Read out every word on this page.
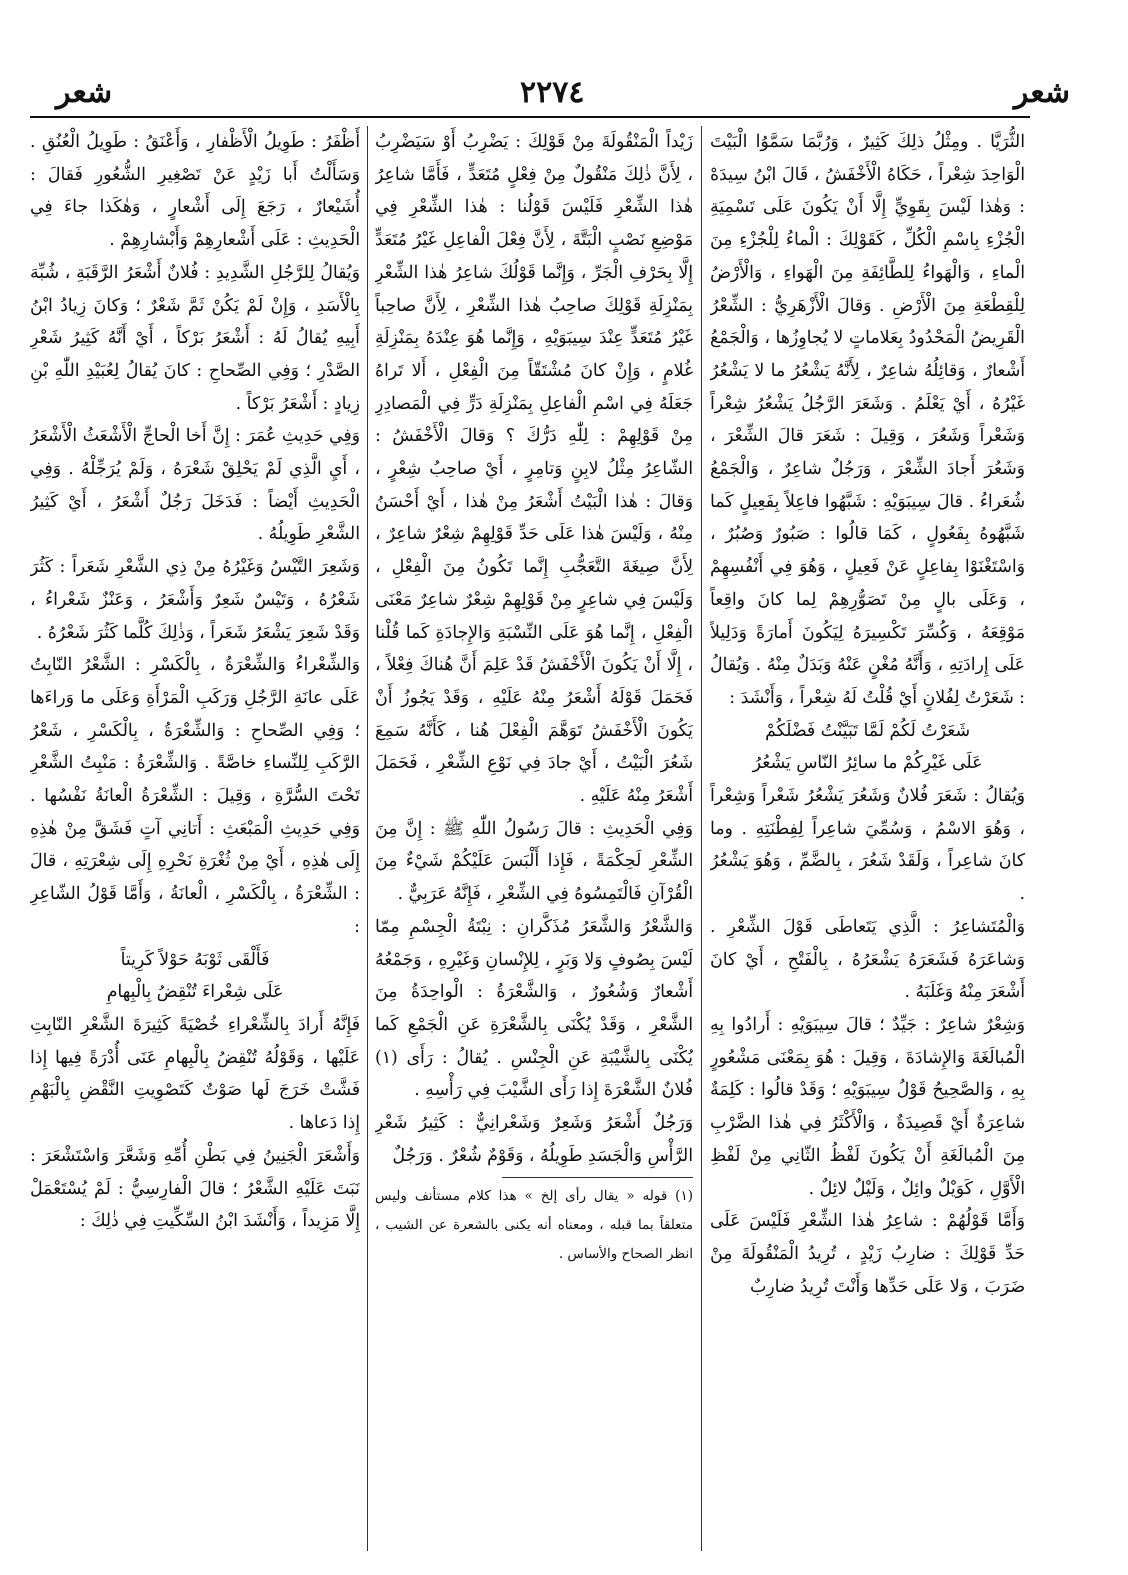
شعر
٢٢٧٤
شعر

الثُّرَيَّا . ومِثْلُ ذلِكَ كَثِيرٌ ، وَرُبَّمَا سَمَّوُا الْبَيْتَ الْوَاحِدَ شِعْراً ، حَكَاهُ الْأَخْفَشُ ، قَالَ ابْنُ سِيدَهْ : وَهٰذا لَيْسَ بِقَوِيٍّ إِلَّا أَنْ يَكُونَ عَلَى تَسْمِيَةِ الْجُزْءِ بِاسْمِ الْكُلِّ ، كَقَوْلِكَ : الْماءُ لِلْجُزْءِ مِنَ الْماءِ ، وَالْهَواءُ لِلطَّائِفَةِ مِنَ الْهَواءِ ، وَالْأَرْضُ لِلْقِطْعَةِ مِنَ الْأَرْضِ . وَقالَ الْأَزْهَرِيُّ : الشِّعْرُ الْقَرِيضُ الْمَحْدُودُ بِعَلاماتٍ لا يُجاوِزُها ، وَالْجَمْعُ أَشْعارٌ ، وَقائِلُهُ شاعِرٌ ، لِأَنَّهُ يَشْعُرُ ما لا يَشْعُرُ غَيْرُهُ ، أَيْ يَعْلَمُ . وَشَعَرَ الرَّجُلُ يَشْعُرُ شِعْراً وَشَعْراً وَشَعُرَ ، وَقِيلَ : شَعَرَ قالَ الشِّعْرَ ، وَشَعُرَ أَجادَ الشِّعْرَ ، وَرَجُلٌ شاعِرٌ ، وَالْجَمْعُ شُعَراءُ . قالَ سِيبَوَيْهِ : شَبَّهُوا فاعِلاً بِفَعِيلٍ كَما شَبَّهُوهُ بِفَعُولٍ ، كَمَا قالُوا : صَبُورٌ وَصُبُرٌ ، وَاسْتَغْنَوْا بِفاعِلٍ عَنْ فَعِيلٍ ، وَهُوَ فِي أَنْفُسِهِمْ ، وَعَلَى بالٍ مِنْ تَصَوُّرِهِمْ لِما كانَ واقِعاً مَوْقِعَهُ ، وَكُسِّرَ تَكْسِيرَهُ لِيَكُونَ أَمارَةً وَدَلِيلاً عَلَى إِرادَتِهِ ، وَأَنَّهُ مُغْنٍ عَنْهُ وَبَدَلٌ مِنْهُ . وَيُقالُ : شَعَرْتُ لِفُلانٍ أَيْ قُلْتُ لَهُ شِعْراً ، وَأَنْشَدَ :

شَعَرْتُ لَكُمْ لَمَّا تَبَيَّنْتُ فَضْلَكُمْ

عَلَى غَيْرِكُمْ ما سائِرُ النّاسِ يَشْعُرُ

وَيُقالُ : شَعَرَ فُلانٌ وَشَعُرَ يَشْعُرُ شَعْراً وَشِعْراً ، وَهُوَ الاسْمُ ، وَسُمِّيَ شاعِراً لِفِطْنَتِهِ . وما كانَ شاعِراً ، وَلَقَدْ شَعُرَ ، بِالضَّمِّ ، وَهُوَ يَشْعُرُ .

وَالْمُتَشاعِرُ : الَّذِي يَتَعاطَى قَوْلَ الشِّعْرِ . وَشاعَرَهُ فَشَعَرَهُ يَشْعَرُهُ ، بِالْفَتْحِ ، أَيْ كانَ أَشْعَرَ مِنْهُ وَغَلَبَهُ .

وَشِعْرٌ شاعِرٌ : جَيِّدٌ ؛ قالَ سِيبَوَيْهِ : أَرادُوا بِهِ الْمُبالَغَةَ وَالإِشادَةَ ، وَقِيلَ : هُوَ بِمَعْنَى مَشْعُورٍ بِهِ ، وَالصَّحِيحُ قَوْلُ سِيبَوَيْهِ ؛ وَقَدْ قالُوا : كَلِمَةٌ شاعِرَةٌ أَيْ قَصِيدَةٌ ، وَالْأَكْثَرُ فِي هٰذا الضَّرْبِ مِنَ الْمُبالَغَةِ أَنْ يَكُونَ لَفْظُ الثّانِي مِنْ لَفْظِ الْأَوَّلِ ، كَوَيْلٌ وائِلٌ ، وَلَيْلٌ لائِلٌ .

وَأَمَّا قَوْلُهُمْ : شاعِرُ هٰذا الشِّعْرِ فَلَيْسَ عَلَى حَدِّ قَوْلِكَ : ضارِبُ زَيْدٍ ، تُرِيدُ الْمَنْقُولَةَ مِنْ ضَرَبَ ، وَلا عَلَى حَدِّها وَأَنْتَ تُرِيدُ ضارِبٌ

زَيْداً الْمَنْقُولَةَ مِنْ قَوْلِكَ : يَضْرِبُ أَوْ سَيَضْرِبُ ، لِأَنَّ ذٰلِكَ مَنْقُولٌ مِنْ فِعْلٍ مُتَعَدٍّ ، فَأَمَّا شاعِرُ هٰذا الشِّعْرِ فَلَيْسَ قَوْلُنا : هٰذا الشِّعْرِ فِي مَوْضِعِ نَصْبٍ الْبَتَّةَ ، لِأَنَّ فِعْلَ الْفاعِلِ غَيْرُ مُتَعَدٍّ إِلَّا بِحَرْفِ الْجَرِّ ، وَإِنَّما قَوْلُكَ شاعِرُ هٰذا الشِّعْرِ بِمَنْزِلَةِ قَوْلِكَ صاحِبُ هٰذا الشِّعْرِ ، لِأَنَّ صاحِباً غَيْرُ مُتَعَدٍّ عِنْدَ سِيبَوَيْهِ ، وَإِنَّما هُوَ عِنْدَهُ بِمَنْزِلَةِ غُلامٍ ، وَإِنْ كانَ مُشْتَقّاً مِنَ الْفِعْلِ ، أَلا تَراهُ جَعَلَهُ فِي اسْمِ الْفاعِلِ بِمَنْزِلَةِ دَرٍّ فِي الْمَصادِرِ مِنْ قَوْلِهِمْ : لِلّٰهِ دَرُّكَ ؟ وَقالَ الْأَخْفَشُ : الشّاعِرُ مِثْلُ لابِنٍ وَتامِرٍ ، أَيْ صاحِبُ شِعْرٍ ، وَقالَ : هٰذا الْبَيْتُ أَشْعَرُ مِنْ هٰذا ، أَيْ أَحْسَنُ مِنْهُ ، وَلَيْسَ هٰذا عَلَى حَدِّ قَوْلِهِمْ شِعْرٌ شاعِرٌ ، لِأَنَّ صِيغَةَ التَّعَجُّبِ إِنَّما تَكُونُ مِنَ الْفِعْلِ ، وَلَيْسَ فِي شاعِرٍ مِنْ قَوْلِهِمْ شِعْرٌ شاعِرٌ مَعْنَى الْفِعْلِ ، إِنَّما هُوَ عَلَى النِّسْبَةِ وَالإِجادَةِ كَما قُلْنا ، إِلَّا أَنْ يَكُونَ الْأَخْفَشُ قَدْ عَلِمَ أَنَّ هُناكَ فِعْلاً ، فَحَمَلَ قَوْلَهُ أَشْعَرُ مِنْهُ عَلَيْهِ ، وَقَدْ يَجُوزُ أَنْ يَكُونَ الْأَخْفَشُ تَوَهَّمَ الْفِعْلَ هُنا ، كَأَنَّهُ سَمِعَ شَعُرَ الْبَيْتُ ، أَيْ جادَ فِي نَوْعِ الشِّعْرِ ، فَحَمَلَ أَشْعَرُ مِنْهُ عَلَيْهِ .

وَفِي الْحَدِيثِ : قالَ رَسُولُ اللّٰهِ ﷺ : إِنَّ مِنَ الشِّعْرِ لَحِكْمَةً ، فَإِذا أَلْبَسَ عَلَيْكُمْ شَيْءٌ مِنَ الْقُرْآنِ فَالْتَمِسُوهُ فِي الشِّعْرِ ، فَإِنَّهُ عَرَبِيٌّ .

وَالشَّعْرُ وَالشَّعَرُ مُذَكَّرانِ : نِبْتَةُ الْجِسْمِ مِمّا لَيْسَ بِصُوفٍ وَلا وَبَرٍ ، لِلإِنْسانِ وَغَيْرِهِ ، وَجَمْعُهُ أَشْعارٌ وَشُعُورٌ ، وَالشَّعْرَةُ : الْواحِدَةُ مِنَ الشَّعْرِ ، وَقَدْ يُكْنَى بِالشَّعْرَةِ عَنِ الْجَمْعِ كَما يُكْنَى بِالشَّيْبَةِ عَنِ الْجِنْسِ . يُقالُ : رَأَى (١) فُلانٌ الشَّعْرَةَ إِذا رَأَى الشَّيْبَ فِي رَأْسِهِ .

وَرَجُلٌ أَشْعَرُ وَشَعِرٌ وَشَعْرانِيٌّ : كَثِيرُ شَعْرِ الرَّأْسِ وَالْجَسَدِ طَوِيلُهُ ، وَقَوْمٌ شُعْرٌ . وَرَجُلٌ

(١) قوله « يقال رأى إلخ » هذا كلام مستأنف وليس متعلقاً بما قبله ، ومعناه أنه يكنى بالشعرة عن الشيب ، انظر الصحاح والأساس .

أَظْفَرُ : طَوِيلُ الْأَظْفارِ ، وَأَعْنَقُ : طَوِيلُ الْعُنُقِ . وَسَأَلْتُ أَبا زَيْدٍ عَنْ تَصْغِيرِ الشُّعُورِ فَقالَ : أُشَيْعارٌ ، رَجَعَ إِلَى أَشْعارٍ ، وَهٰكَذا جاءَ فِي الْحَدِيثِ : عَلَى أَشْعارِهِمْ وَأَبْشارِهِمْ .

وَيُقالُ لِلرَّجُلِ الشَّدِيدِ : فُلانٌ أَشْعَرُ الرَّقَبَةِ ، شُبِّهَ بِالْأَسَدِ ، وَإِنْ لَمْ يَكُنْ ثَمَّ شَعْرٌ ؛ وَكانَ زِيادُ ابْنُ أَبِيهِ يُقالُ لَهُ : أَشْعَرُ بَرْكاً ، أَيْ أَنَّهُ كَثِيرُ شَعْرِ الصَّدْرِ ؛ وَفِي الصِّحاحِ : كانَ يُقالُ لِعُبَيْدِ اللّٰهِ بْنِ زِيادٍ : أَشْعَرُ بَرْكاً .

وَفِي حَدِيثِ عُمَرَ : إِنَّ أَخا الْحاجِّ الْأَشْعَثُ الْأَشْعَرُ ، أَيِ الَّذِي لَمْ يَحْلِقْ شَعْرَهُ ، وَلَمْ يُرَجِّلْهُ . وَفِي الْحَدِيثِ أَيْضاً : فَدَخَلَ رَجُلٌ أَشْعَرُ ، أَيْ كَثِيرُ الشَّعْرِ طَوِيلُهُ .

وَشَعِرَ التَّيْسُ وَغَيْرُهُ مِنْ ذِي الشَّعْرِ شَعَراً : كَثُرَ شَعْرُهُ ، وَتَيْسٌ شَعِرٌ وَأَشْعَرُ ، وَعَنْزٌ شَعْراءُ ، وَقَدْ شَعِرَ يَشْعَرُ شَعَراً ، وَذٰلِكَ كُلَّما كَثُرَ شَعْرُهُ .

وَالشِّعْراءُ وَالشِّعْرَةُ ، بِالْكَسْرِ : الشَّعْرُ النّابِتُ عَلَى عانَةِ الرَّجُلِ وَرَكَبِ الْمَرْأَةِ وَعَلَى ما وَراءَها ؛ وَفِي الصِّحاحِ : وَالشِّعْرَةُ ، بِالْكَسْرِ ، شَعْرُ الرَّكَبِ لِلنِّساءِ خاصَّةً . وَالشِّعْرَةُ : مَنْبِتُ الشَّعْرِ تَحْتَ السُّرَّةِ ، وَقِيلَ : الشِّعْرَةُ الْعانَةُ نَفْسُها . وَفِي حَدِيثِ الْمَبْعَثِ : أَتانِي آتٍ فَشَقَّ مِنْ هٰذِهِ إِلَى هٰذِهِ ، أَيْ مِنْ ثُغْرَةِ نَحْرِهِ إِلَى شِعْرَتِهِ ، قالَ : الشِّعْرَةُ ، بِالْكَسْرِ ، الْعانَةُ ، وَأَمَّا قَوْلُ الشّاعِرِ :

فَأَلْقَى ثَوْبَهُ حَوْلاً كَرِيتاً

عَلَى شِعْراءَ تُنْقِضُ بِالْبِهامِ

فَإِنَّهُ أَرادَ بِالشِّعْراءِ خُصْيَةً كَثِيرَةَ الشَّعْرِ النّابِتِ عَلَيْها ، وَقَوْلُهُ تُنْقِضُ بِالْبِهامِ عَنَى أُدْرَةً فِيها إِذا فَشَّتْ خَرَجَ لَها صَوْتٌ كَتَصْوِيتِ النَّقْضِ بِالْبَهْمِ إِذا دَعاها .

وَأَشْعَرَ الْجَنِينُ فِي بَطْنِ أُمِّهِ وَشَعَّرَ وَاسْتَشْعَرَ : نَبَتَ عَلَيْهِ الشَّعْرُ ؛ قالَ الْفارِسِيُّ : لَمْ يُسْتَعْمَلْ إِلَّا مَزِيداً ، وَأَنْشَدَ ابْنُ السِّكِّيتِ فِي ذٰلِكَ :
